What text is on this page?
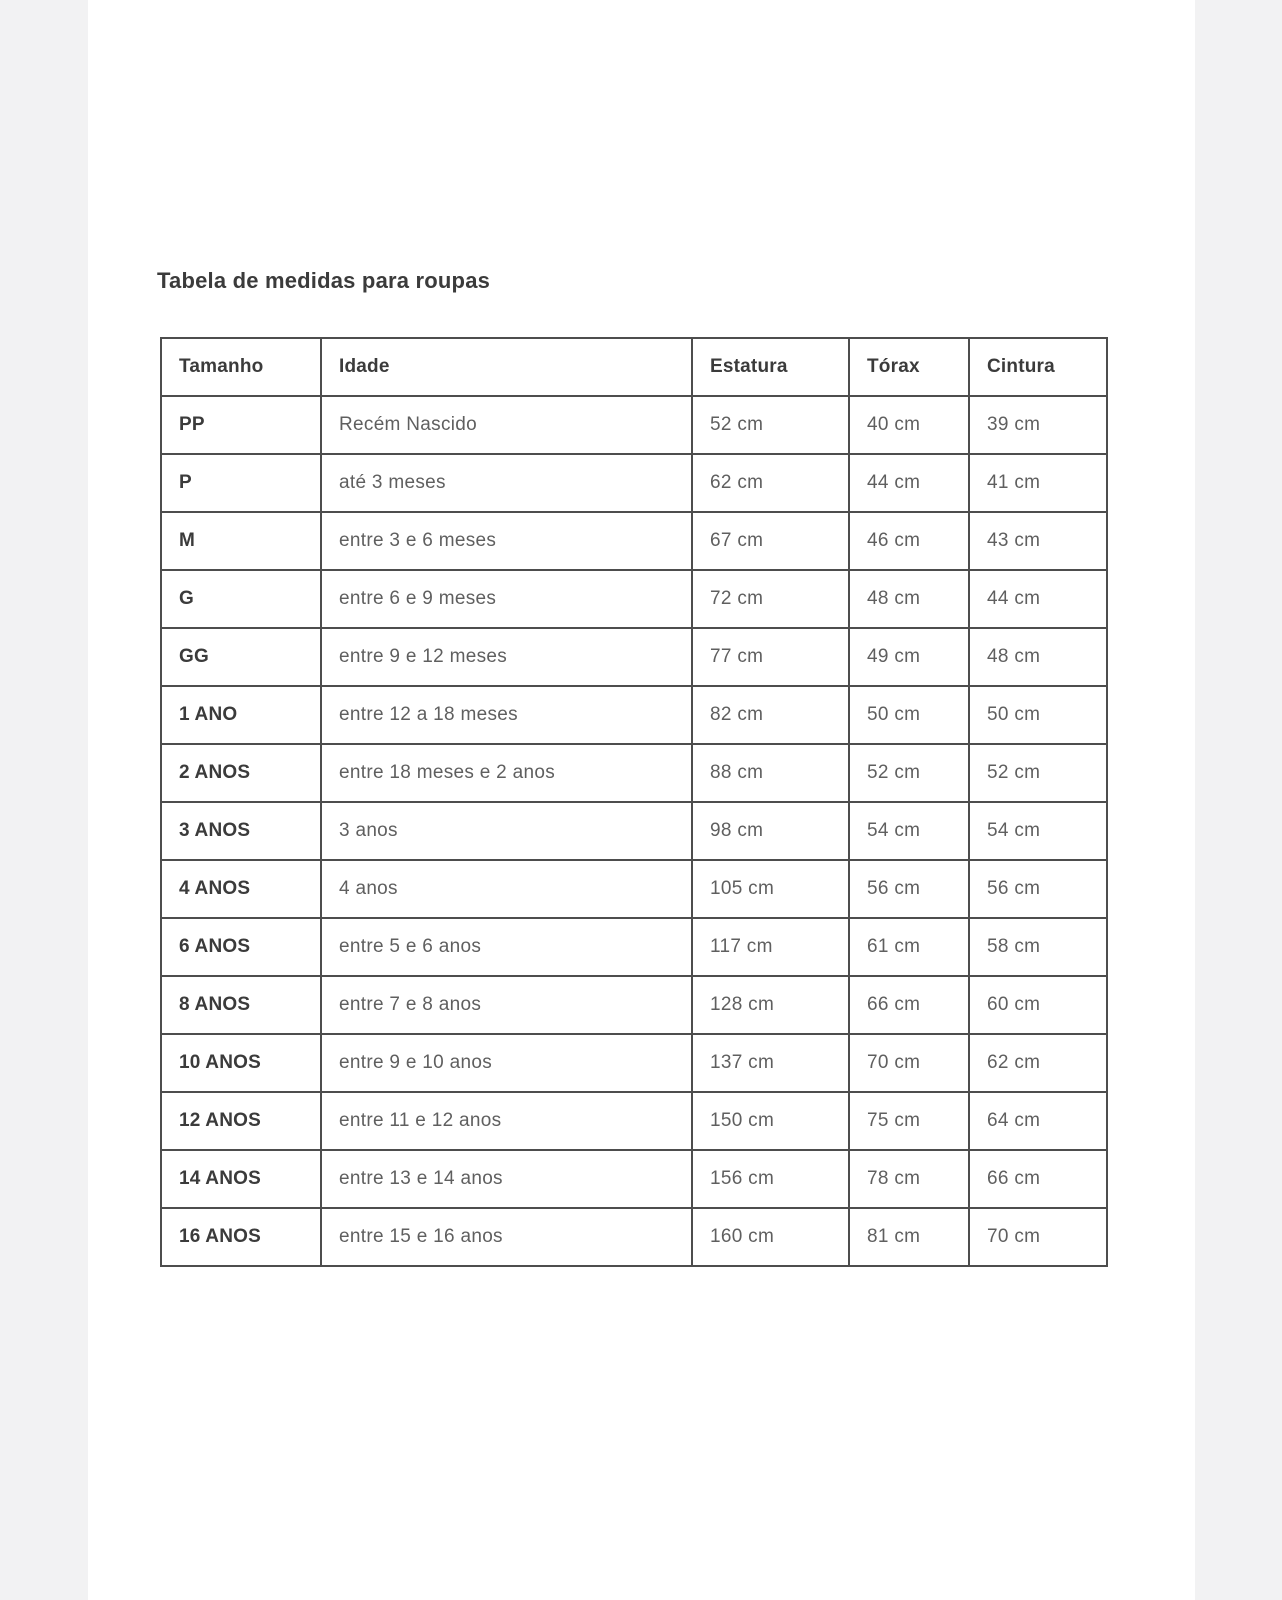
Tabela de medidas para roupas
Tamanho	Idade	Estatura	Tórax	Cintura
PP	Recém Nascido	52 cm	40 cm	39 cm
P	até 3 meses	62 cm	44 cm	41 cm
M	entre 3 e 6 meses	67 cm	46 cm	43 cm
G	entre 6 e 9 meses	72 cm	48 cm	44 cm
GG	entre 9 e 12 meses	77 cm	49 cm	48 cm
1 ANO	entre 12 a 18 meses	82 cm	50 cm	50 cm
2 ANOS	entre 18 meses e 2 anos	88 cm	52 cm	52 cm
3 ANOS	3 anos	98 cm	54 cm	54 cm
4 ANOS	4 anos	105 cm	56 cm	56 cm
6 ANOS	entre 5 e 6 anos	117 cm	61 cm	58 cm
8 ANOS	entre 7 e 8 anos	128 cm	66 cm	60 cm
10 ANOS	entre 9 e 10 anos	137 cm	70 cm	62 cm
12 ANOS	entre 11 e 12 anos	150 cm	75 cm	64 cm
14 ANOS	entre 13 e 14 anos	156 cm	78 cm	66 cm
16 ANOS	entre 15 e 16 anos	160 cm	81 cm	70 cm
